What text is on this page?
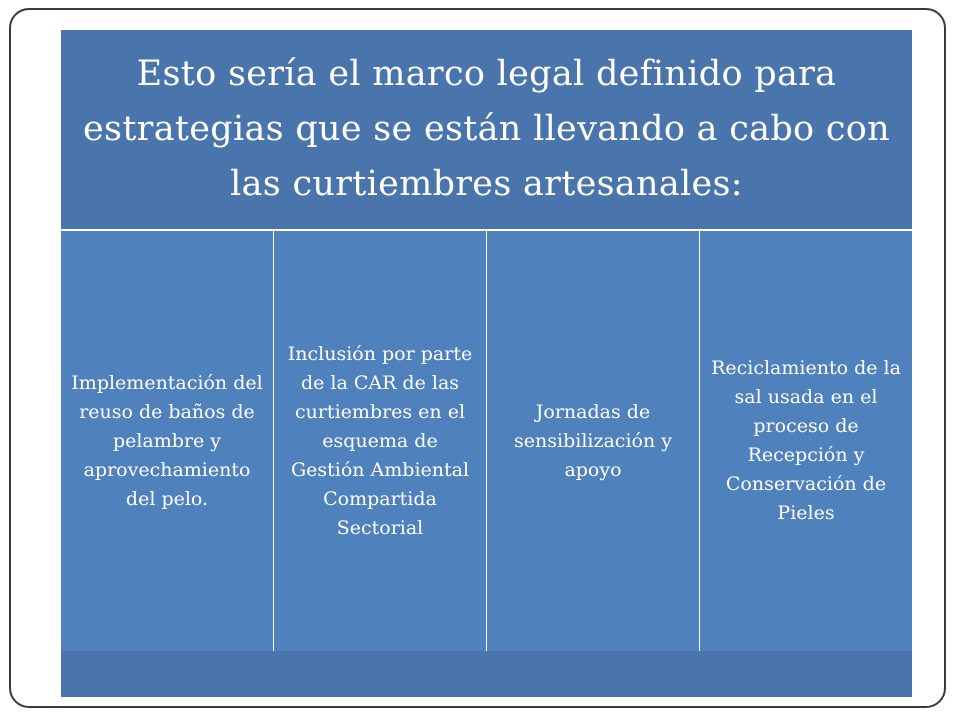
Esto sería el marco legal definido para estrategias que se están llevando a cabo con las curtiembres artesanales:
Implementación del reuso de baños de pelambre y aprovechamiento del pelo.
Inclusión por parte de la CAR de las curtiembres en el esquema de Gestión Ambiental Compartida Sectorial
Jornadas de sensibilización y apoyo
Reciclamiento de la sal usada en el proceso de Recepción y Conservación de Pieles
